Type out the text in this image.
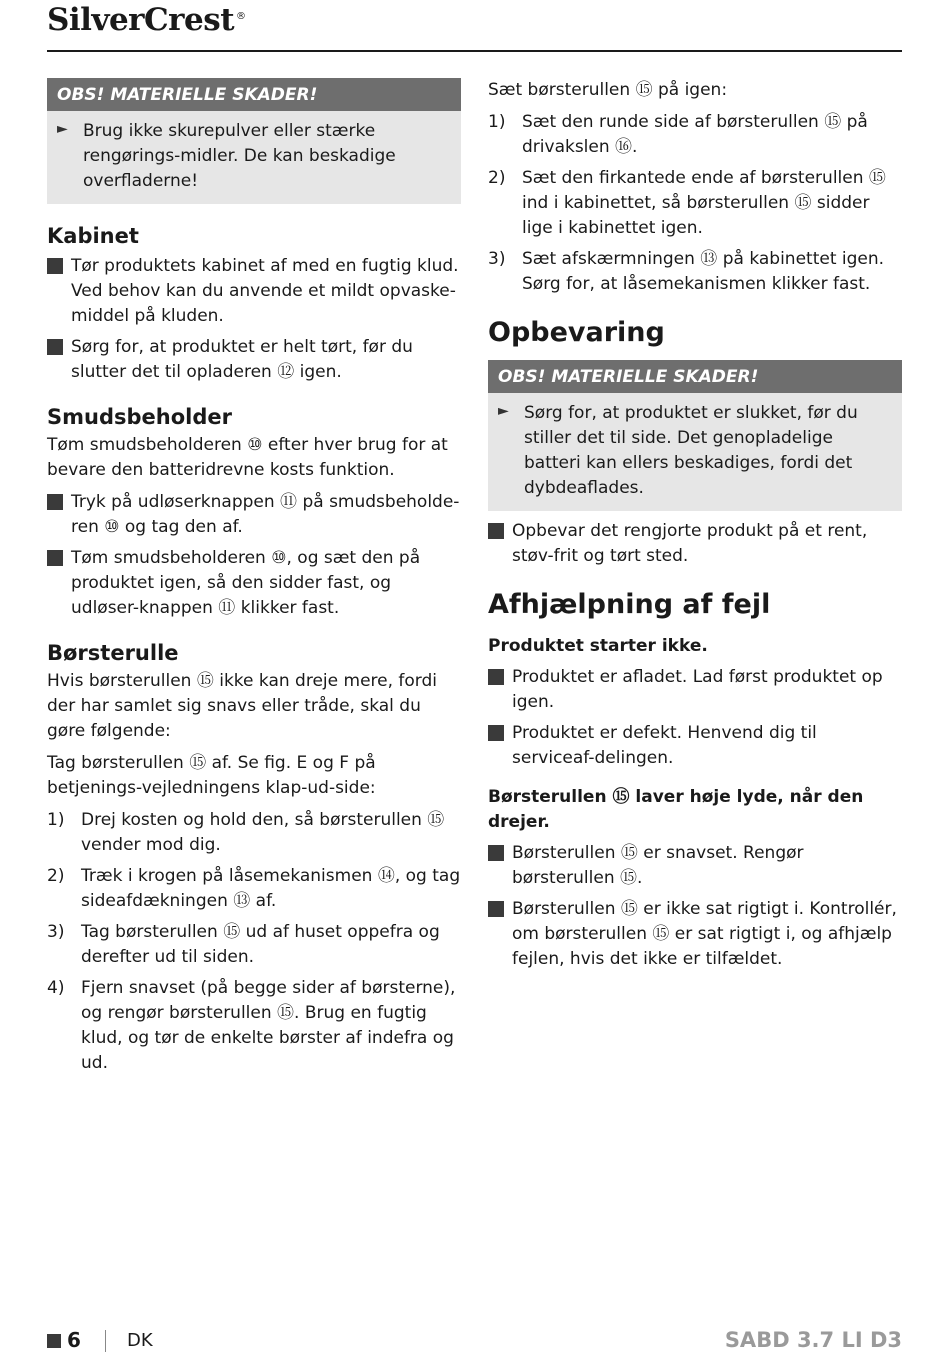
SilverCrest ®
OBS! MATERIELLE SKADER!
► Brug ikke skurepulver eller stærke rengørings-midler. De kan beskadige overfladerne!
Kabinet
Tør produktets kabinet af med en fugtig klud. Ved behov kan du anvende et mildt opvaske-middel på kluden.
Sørg for, at produktet er helt tørt, før du slutter det til opladeren ⑫ igen.
Smudsbeholder

Tøm smudsbeholderen ⑩ efter hver brug for at bevare den batteridrevne kosts funktion.

Tryk på udløserknappen ⑪ på smudsbeholde-ren ⑩ og tag den af.
Tøm smudsbeholderen ⑩, og sæt den på produktet igen, så den sidder fast, og udløser-knappen ⑪ klikker fast.
Børsterulle

Hvis børsterullen ⑮ ikke kan dreje mere, fordi der har samlet sig snavs eller tråde, skal du gøre følgende:

Tag børsterullen ⑮ af. Se fig. E og F på betjenings-vejledningens klap-ud-side:

1) Drej kosten og hold den, så børsterullen ⑮ vender mod dig.
2) Træk i krogen på låsemekanismen ⑭, og tag sideafdækningen ⑬ af.
3) Tag børsterullen ⑮ ud af huset oppefra og derefter ud til siden.
4) Fjern snavset (på begge sider af børsterne), og rengør børsterullen ⑮. Brug en fugtig klud, og tør de enkelte børster af indefra og ud.

Sæt børsterullen ⑮ på igen:

1) Sæt den runde side af børsterullen ⑮ på drivakslen ⑯.
2) Sæt den firkantede ende af børsterullen ⑮ ind i kabinettet, så børsterullen ⑮ sidder lige i kabinettet igen.
3) Sæt afskærmningen ⑬ på kabinettet igen. Sørg for, at låsemekanismen klikker fast.
Opbevaring
OBS! MATERIELLE SKADER!
► Sørg for, at produktet er slukket, før du stiller det til side. Det genopladelige batteri kan ellers beskadiges, fordi det dybdeaflades.
Opbevar det rengjorte produkt på et rent, støv-frit og tørt sted.
Afhjælpning af fejl
Produktet starter ikke.
Produktet er afladet. Lad først produktet op igen.
Produktet er defekt. Henvend dig til serviceaf-delingen.
Børsterullen ⑮ laver høje lyde, når den drejer.
Børsterullen ⑮ er snavset. Rengør børsterullen ⑮.
Børsterullen ⑮ er ikke sat rigtigt i. Kontrollér, om børsterullen ⑮ er sat rigtigt i, og afhjælp fejlen, hvis det ikke er tilfældet.
6	DK	SABD 3.7 LI D3
